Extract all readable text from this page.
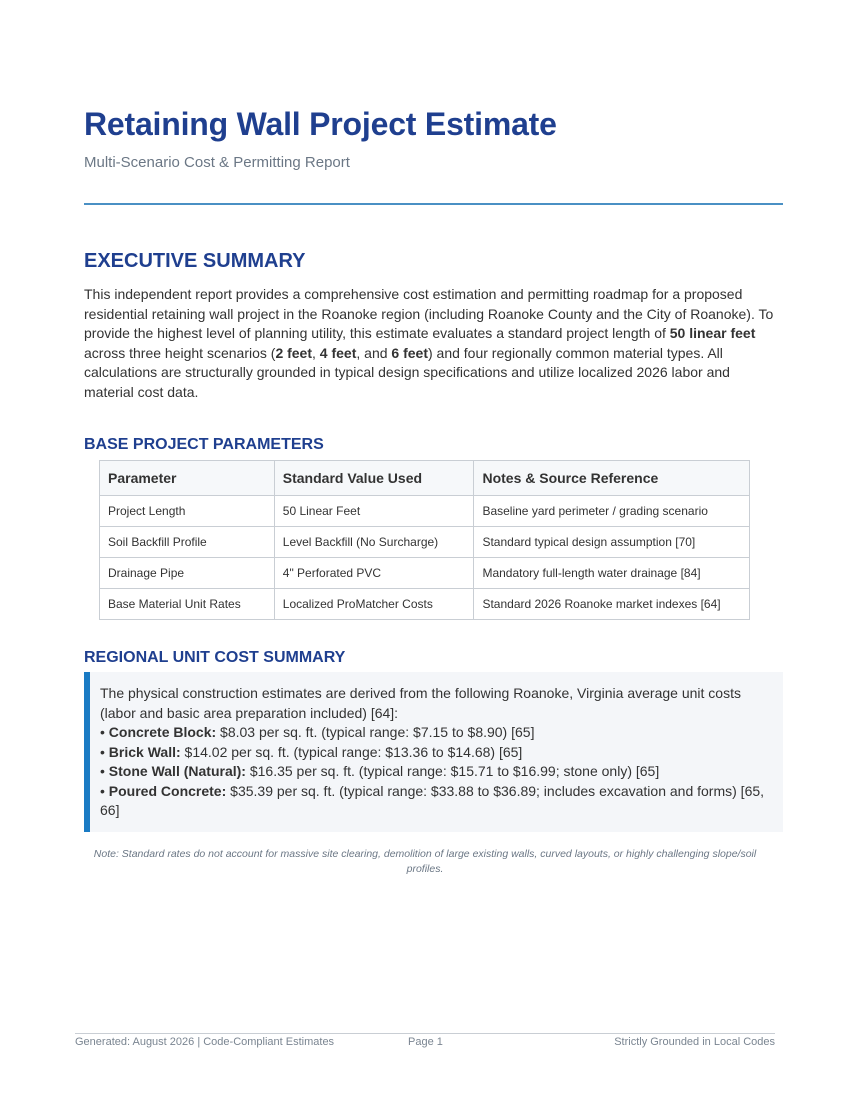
Retaining Wall Project Estimate

Multi-Scenario Cost & Permitting Report

EXECUTIVE SUMMARY

This independent report provides a comprehensive cost estimation and permitting roadmap for a proposed residential retaining wall project in the Roanoke region (including Roanoke County and the City of Roanoke). To provide the highest level of planning utility, this estimate evaluates a standard project length of 50 linear feet across three height scenarios (2 feet, 4 feet, and 6 feet) and four regionally common material types. All calculations are structurally grounded in typical design specifications and utilize localized 2026 labor and material cost data.

BASE PROJECT PARAMETERS
Parameter	Standard Value Used	Notes & Source Reference
Project Length	50 Linear Feet	Baseline yard perimeter / grading scenario
Soil Backfill Profile	Level Backfill (No Surcharge)	Standard typical design assumption [70]
Drainage Pipe	4" Perforated PVC	Mandatory full-length water drainage [84]
Base Material Unit Rates	Localized ProMatcher Costs	Standard 2026 Roanoke market indexes [64]
REGIONAL UNIT COST SUMMARY

The physical construction estimates are derived from the following Roanoke, Virginia average unit costs (labor and basic area preparation included) [64]:

• Concrete Block: $8.03 per sq. ft. (typical range: $7.15 to $8.90) [65]

• Brick Wall: $14.02 per sq. ft. (typical range: $13.36 to $14.68) [65]

• Stone Wall (Natural): $16.35 per sq. ft. (typical range: $15.71 to $16.99; stone only) [65]

• Poured Concrete: $35.39 per sq. ft. (typical range: $33.88 to $36.89; includes excavation and forms) [65, 66]

Note: Standard rates do not account for massive site clearing, demolition of large existing walls, curved layouts, or highly challenging slope/soil profiles.

Generated: August 2026 | Code-Compliant Estimates	Page 1	Strictly Grounded in Local Codes
